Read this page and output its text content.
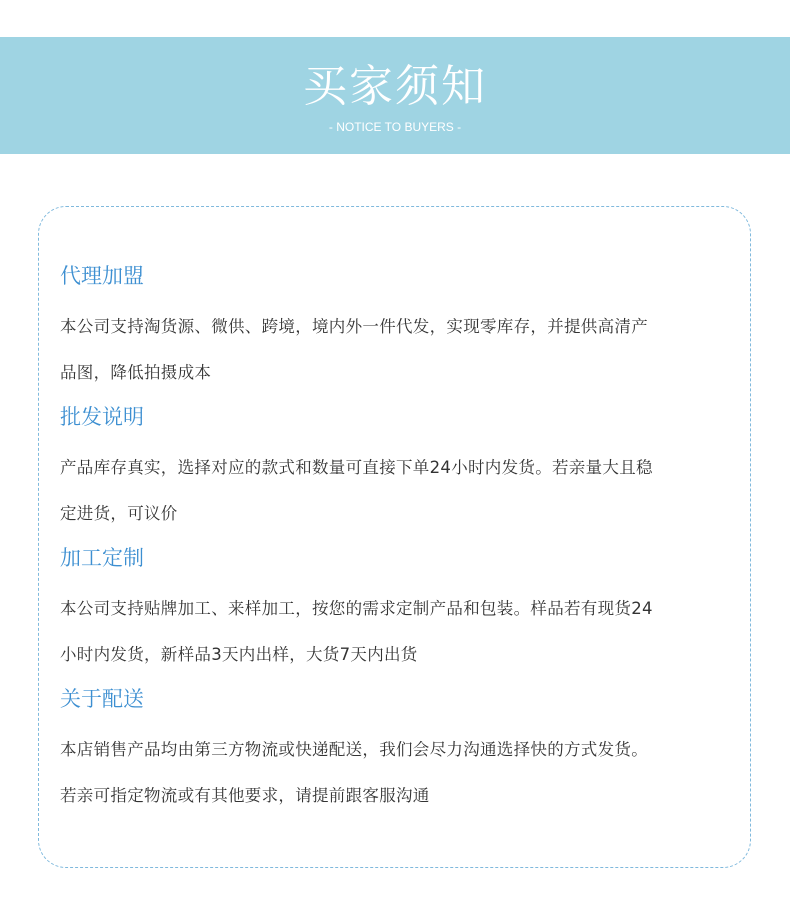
买家须知
- NOTICE TO BUYERS -
代理加盟
本公司支持淘货源、微供、跨境，境内外一件代发，实现零库存，并提供高清产
品图，降低拍摄成本
批发说明
产品库存真实，选择对应的款式和数量可直接下单24小时内发货。若亲量大且稳
定进货，可议价
加工定制
本公司支持贴牌加工、来样加工，按您的需求定制产品和包装。样品若有现货24
小时内发货，新样品3天内出样，大货7天内出货
关于配送
本店销售产品均由第三方物流或快递配送，我们会尽力沟通选择快的方式发货。
若亲可指定物流或有其他要求，请提前跟客服沟通
